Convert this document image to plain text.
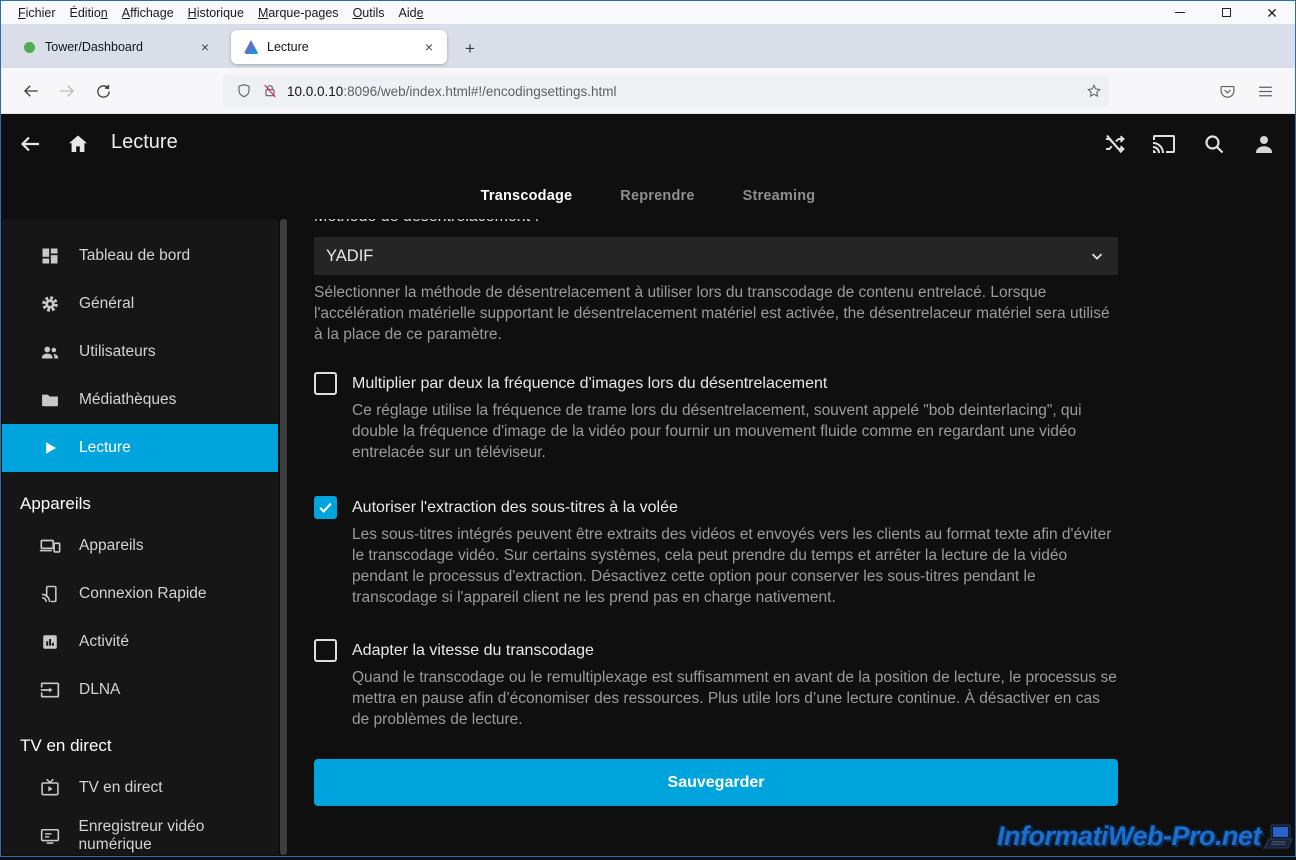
Fichier	Édition	Affichage	Historique	Marque-pages	Outils	Aide	✕
Tower/Dashboard	×	Lecture	×	+
10.0.0.10:8096/web/index.html#!/encodingsettings.html
Lecture
Transcodage	Reprendre	Streaming
Tableau de bord
Général
Utilisateurs
Médiathèques
Lecture
Appareils
Appareils
Connexion Rapide
Activité
DLNA
TV en direct
TV en direct
Enregistreur vidéo numérique
YADIF
Sélectionner la méthode de désentrelacement à utiliser lors du transcodage de contenu entrelacé. Lorsque l'accélération matérielle supportant le désentrelacement matériel est activée, the désentrelaceur matériel sera utilisé à la place de ce paramètre.
Multiplier par deux la fréquence d'images lors du désentrelacement
Ce réglage utilise la fréquence de trame lors du désentrelacement, souvent appelé "bob deinterlacing", qui double la fréquence d'image de la vidéo pour fournir un mouvement fluide comme en regardant une vidéo entrelacée sur un téléviseur.
Autoriser l'extraction des sous-titres à la volée
Les sous-titres intégrés peuvent être extraits des vidéos et envoyés vers les clients au format texte afin d'éviter le transcodage vidéo. Sur certains systèmes, cela peut prendre du temps et arrêter la lecture de la vidéo pendant le processus d'extraction. Désactivez cette option pour conserver les sous-titres pendant le transcodage si l'appareil client ne les prend pas en charge nativement.
Adapter la vitesse du transcodage
Quand le transcodage ou le remultiplexage est suffisamment en avant de la position de lecture, le processus se mettra en pause afin d’économiser des ressources. Plus utile lors d’une lecture continue. À désactiver en cas de problèmes de lecture.
Sauvegarder
InformatiWeb-Pro.net
